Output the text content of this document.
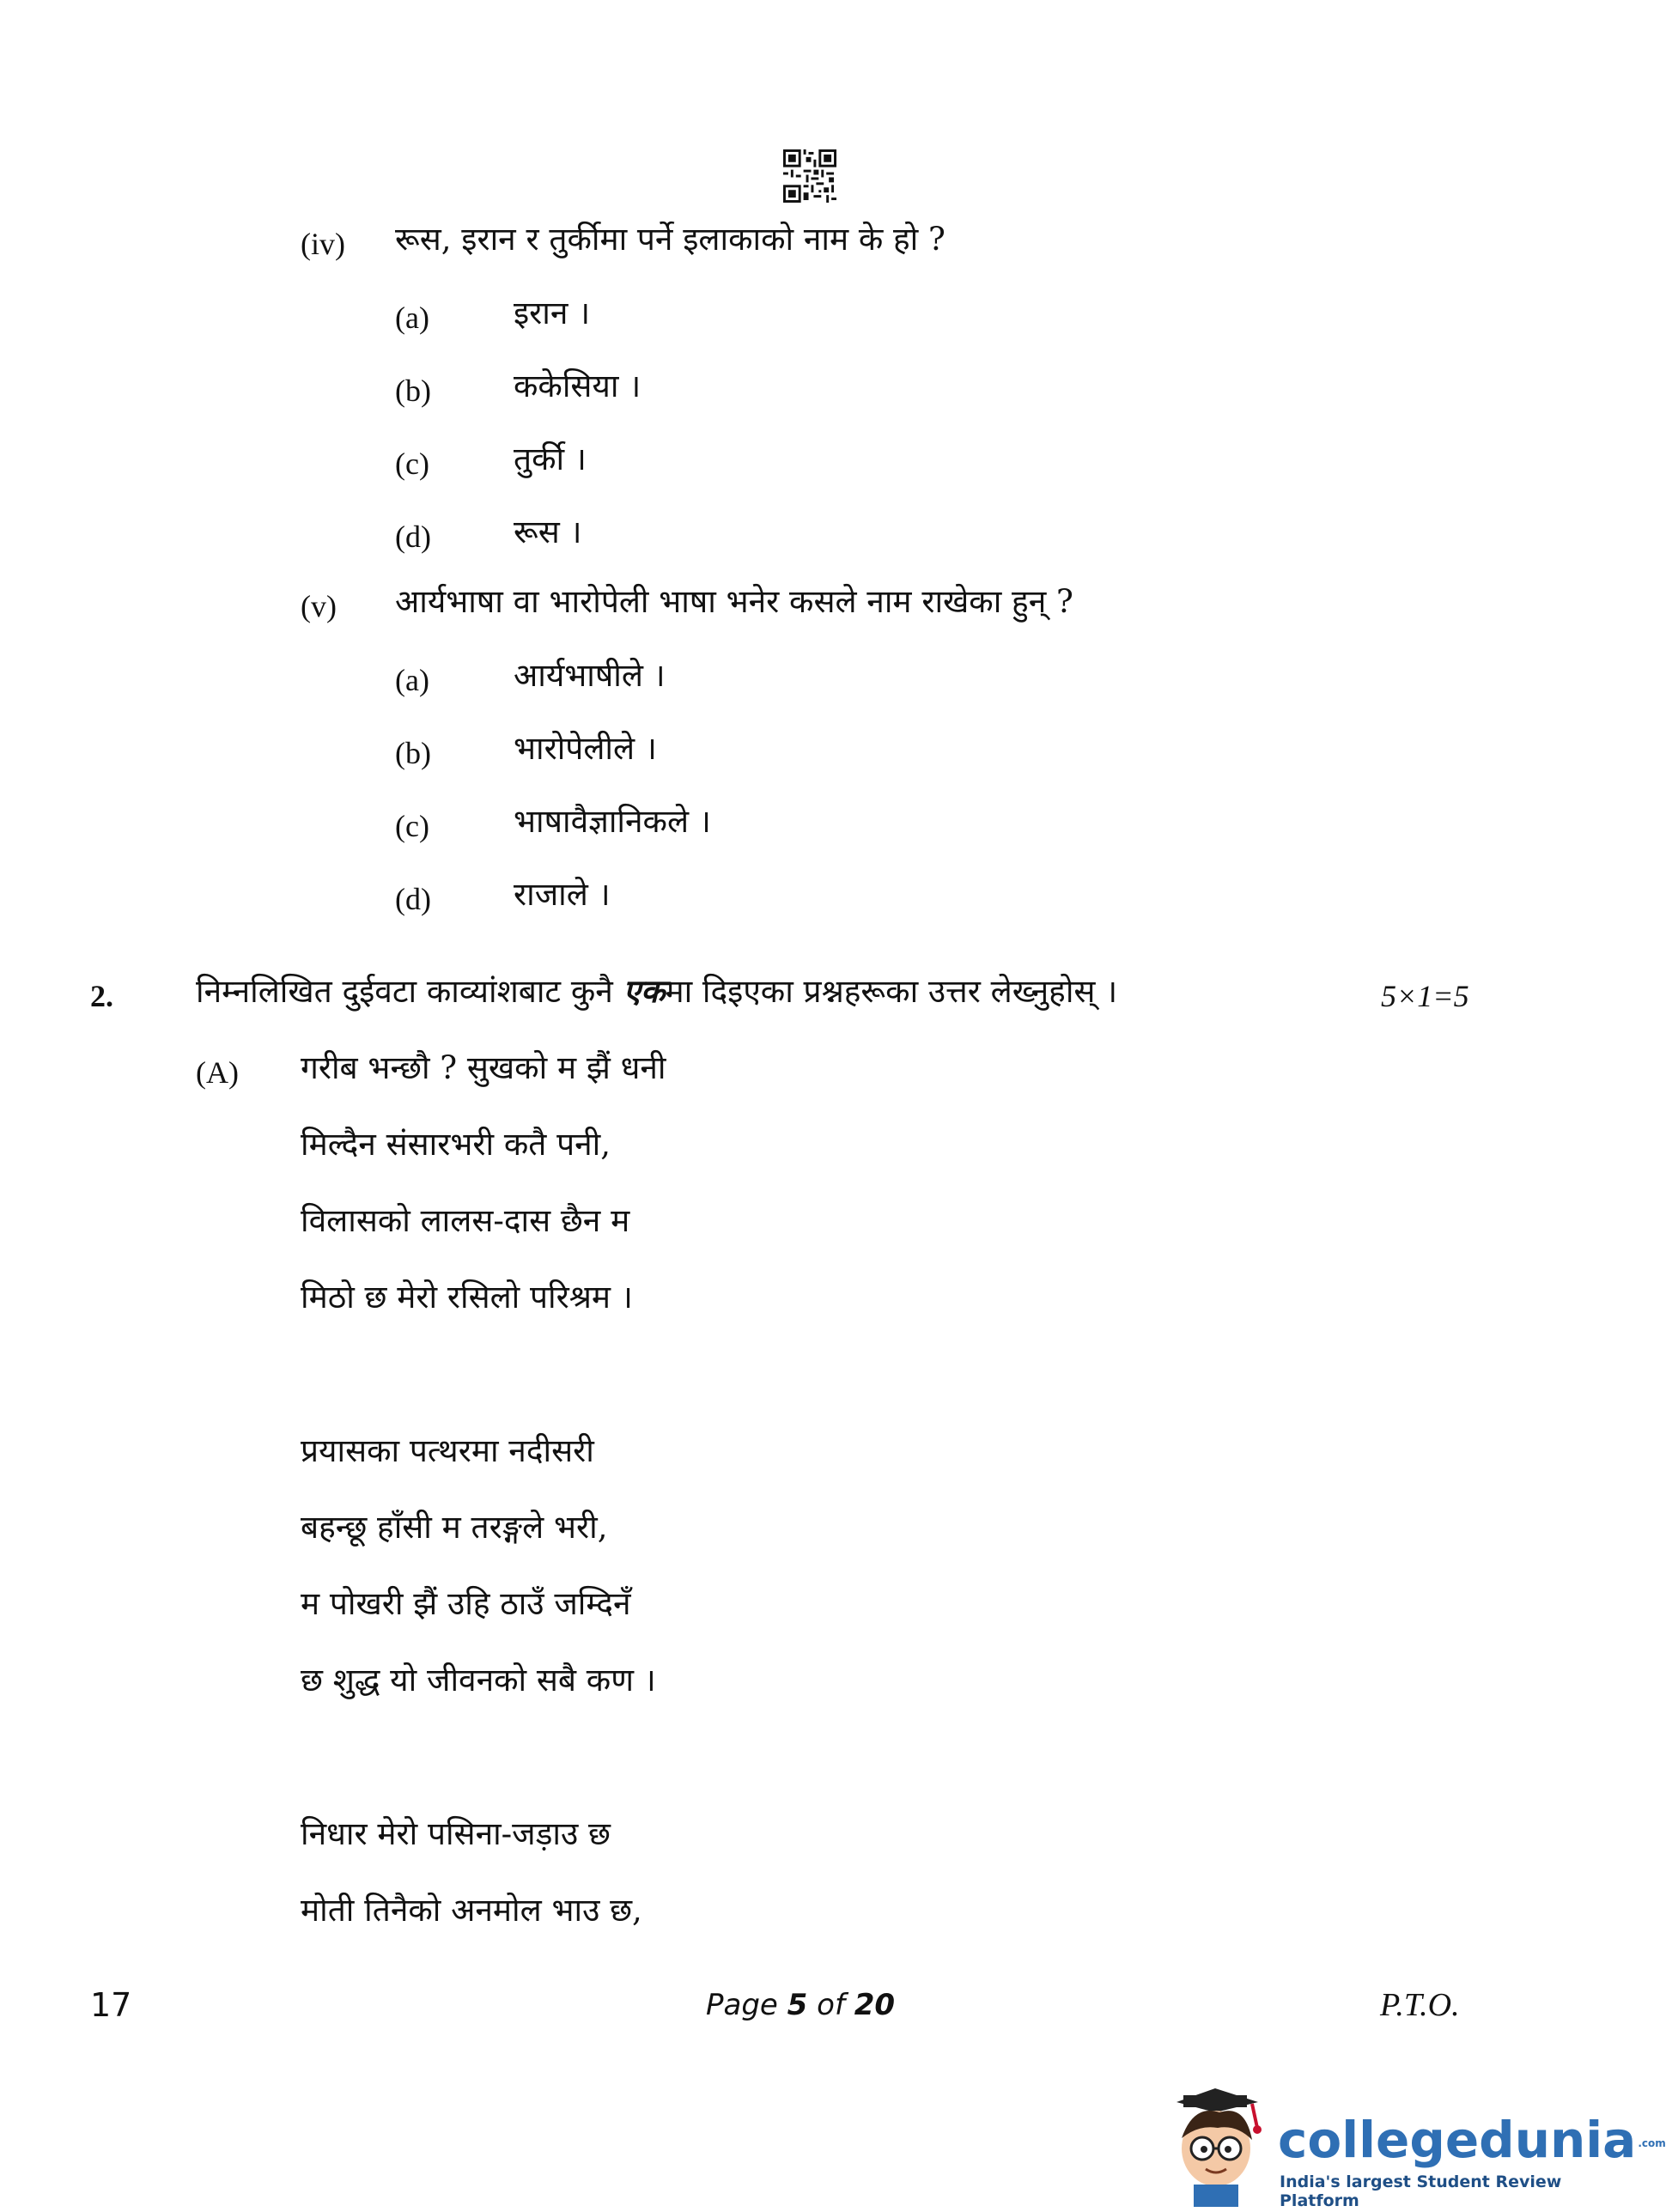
(iv) रूस, इरान र तुर्कीमा पर्ने इलाकाको नाम के हो ?
(a)	इरान ।
(b)	ककेसिया ।
(c)	तुर्की ।
(d)	रूस ।
(v) आर्यभाषा वा भारोपेली भाषा भनेर कसले नाम राखेका हुन् ?
(a)	आर्यभाषीले ।
(b)	भारोपेलीले ।
(c)	भाषावैज्ञानिकले ।
(d)	राजाले ।
2.	निम्नलिखित दुईवटा काव्यांशबाट कुनै एकमा दिइएका प्रश्नहरूका उत्तर लेख्नुहोस् ।	5×1=5
(A) गरीब भन्छौ ? सुखको म झैं धनी
मिल्दैन संसारभरी कतै पनी,
विलासको लालस-दास छैन म
मिठो छ मेरो रसिलो परिश्रम ।
प्रयासका पत्थरमा नदीसरी
बहन्छू हाँसी म तरङ्गले भरी,
म पोखरी झैं उहि ठाउँ जम्दिनँ
छ शुद्ध यो जीवनको सबै कण ।
निधार मेरो पसिना-जड़ाउ छ
मोती तिनैको अनमोल भाउ छ,
17	Page 5 of 20	P.T.O.
collegedunia .com
India's largest Student Review Platform
